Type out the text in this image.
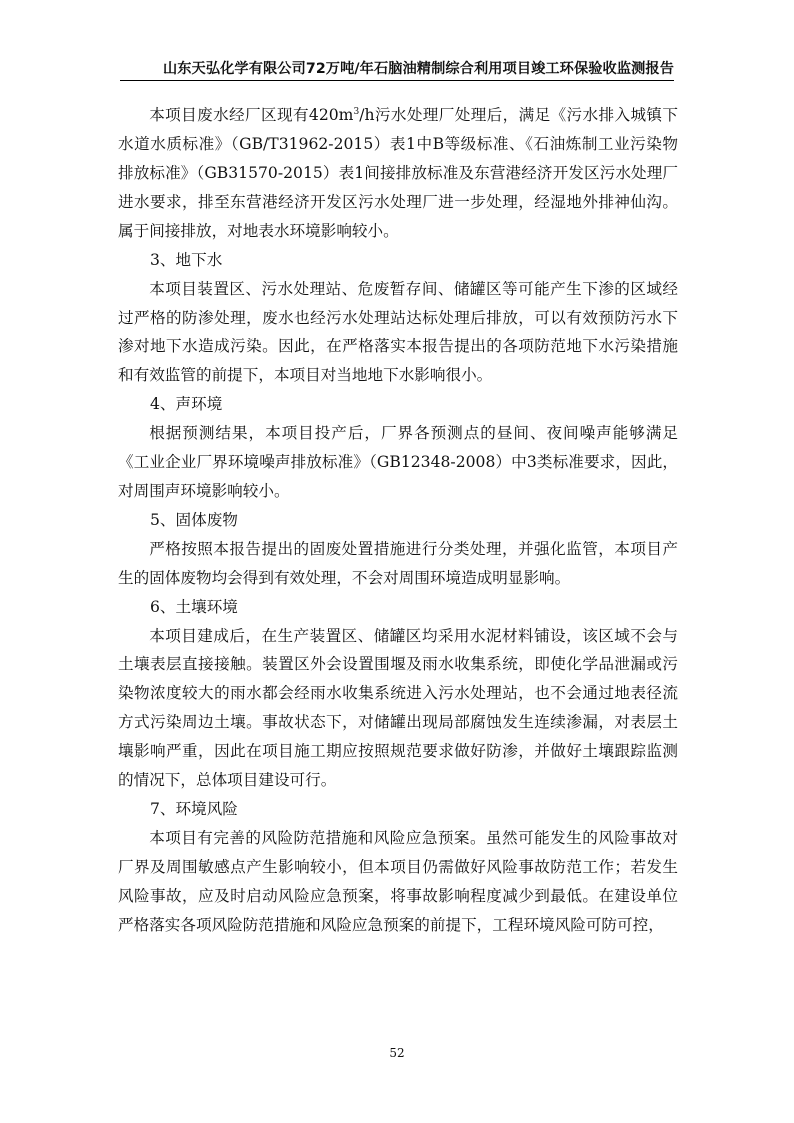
山东天弘化学有限公司72万吨/年石脑油精制综合利用项目竣工环保验收监测报告

本项目废水经厂区现有$420m^3/h$污水处理厂处理后，满足《污水排入城镇下水道水质标准》（GB/T31962-2015）表1中B等级标准、《石油炼制工业污染物排放标准》（GB31570-2015）表1间接排放标准及东营港经济开发区污水处理厂进水要求，排至东营港经济开发区污水处理厂进一步处理，经湿地外排神仙沟。属于间接排放，对地表水环境影响较小。

3、地下水

本项目装置区、污水处理站、危废暂存间、储罐区等可能产生下渗的区域经过严格的防渗处理，废水也经污水处理站达标处理后排放，可以有效预防污水下渗对地下水造成污染。因此，在严格落实本报告提出的各项防范地下水污染措施和有效监管的前提下，本项目对当地地下水影响很小。

4、声环境

根据预测结果，本项目投产后，厂界各预测点的昼间、夜间噪声能够满足《工业企业厂界环境噪声排放标准》（GB12348-2008）中3类标准要求，因此，对周围声环境影响较小。

5、固体废物

严格按照本报告提出的固废处置措施进行分类处理，并强化监管，本项目产生的固体废物均会得到有效处理，不会对周围环境造成明显影响。

6、土壤环境

本项目建成后，在生产装置区、储罐区均采用水泥材料铺设，该区域不会与土壤表层直接接触。装置区外会设置围堰及雨水收集系统，即使化学品泄漏或污染物浓度较大的雨水都会经雨水收集系统进入污水处理站，也不会通过地表径流方式污染周边土壤。事故状态下，对储罐出现局部腐蚀发生连续渗漏，对表层土壤影响严重，因此在项目施工期应按照规范要求做好防渗，并做好土壤跟踪监测的情况下，总体项目建设可行。

7、环境风险

本项目有完善的风险防范措施和风险应急预案。虽然可能发生的风险事故对厂界及周围敏感点产生影响较小，但本项目仍需做好风险事故防范工作；若发生风险事故，应及时启动风险应急预案，将事故影响程度减少到最低。在建设单位严格落实各项风险防范措施和风险应急预案的前提下，工程环境风险可防可控，

52
